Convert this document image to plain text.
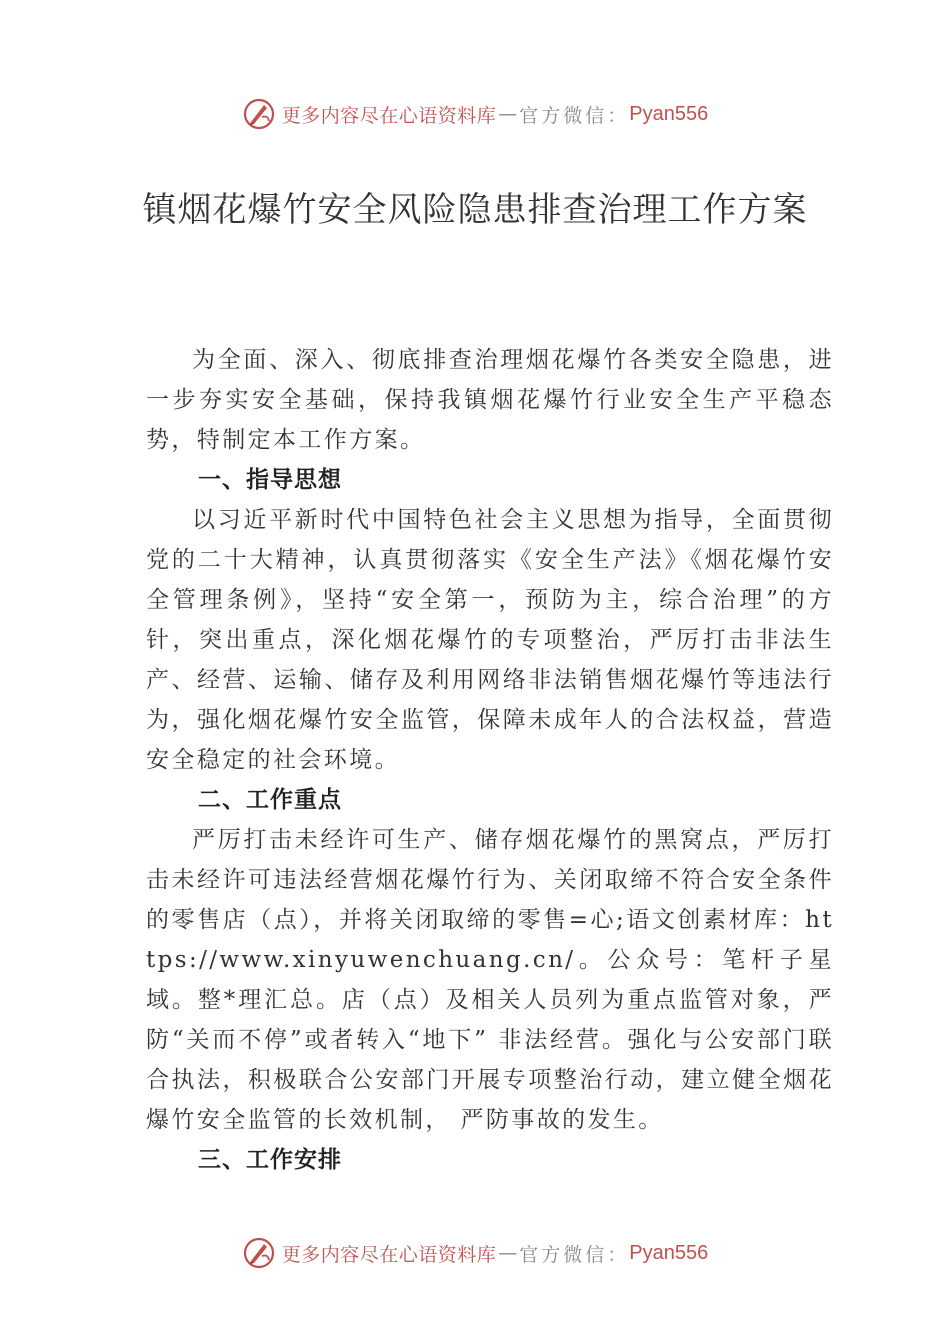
更多内容尽在心语资料库 — 官方微信： Pyan556
镇烟花爆竹安全风险隐患排查治理工作方案

为全面、深入、彻底排查治理烟花爆竹各类安全隐患，进一步夯实安全基础，保持我镇烟花爆竹行业安全生产平稳态势，特制定本工作方案。

一、指导思想

以习近平新时代中国特色社会主义思想为指导，全面贯彻党的二十大精神，认真贯彻落实《安全生产法》《烟花爆竹安全管理条例》，坚持“安全第一，预防为主，综合治理”的方针，突出重点，深化烟花爆竹的专项整治，严厉打击非法生产、经营、运输、储存及利用网络非法销售烟花爆竹等违法行为，强化烟花爆竹安全监管，保障未成年人的合法权益，营造安全稳定的社会环境。

二、工作重点

严厉打击未经许可生产、储存烟花爆竹的黑窝点，严厉打击未经许可违法经营烟花爆竹行为、关闭取缔不符合安全条件的零售店（点），并将关闭取缔的零售=心;语文创素材库：https://www.xinyuwenchuang.cn/。公众号：笔杆子星域。整*理汇总。店（点）及相关人员列为重点监管对象，严防“关而不停”或者转入“地下” 非法经营。强化与公安部门联合执法，积极联合公安部门开展专项整治行动，建立健全烟花爆竹安全监管的长效机制， 严防事故的发生。

三、工作安排
更多内容尽在心语资料库 — 官方微信： Pyan556
